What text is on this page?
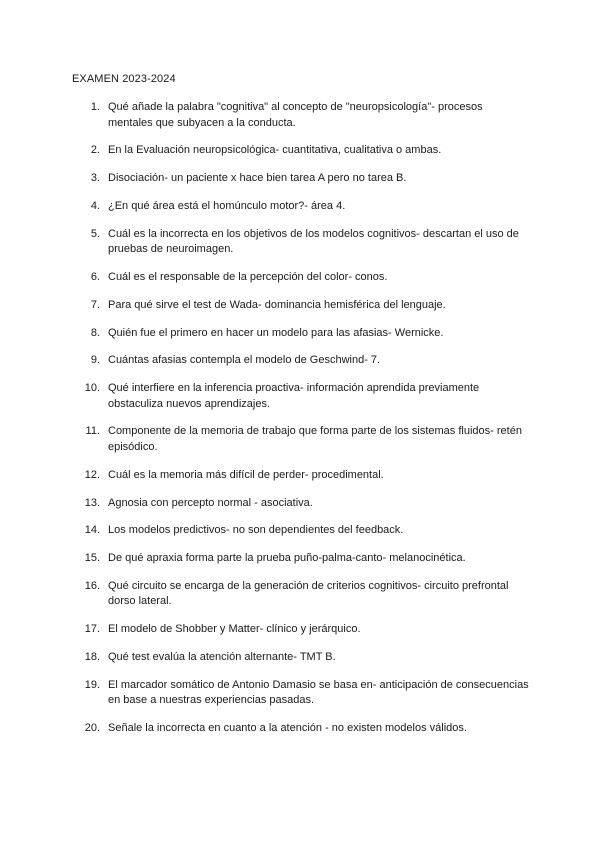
EXAMEN 2023-2024
1. Qué añade la palabra "cognitiva" al concepto de "neuropsicología"- procesos mentales que subyacen a la conducta.
2. En la Evaluación neuropsicológica- cuantitativa, cualitativa o ambas.
3. Disociación- un paciente x hace bien tarea A pero no tarea B.
4. ¿En qué área está el homúnculo motor?- área 4.
5. Cuál es la incorrecta en los objetivos de los modelos cognitivos- descartan el uso de pruebas de neuroimagen.
6. Cuál es el responsable de la percepción del color- conos.
7. Para qué sirve el test de Wada- dominancia hemisférica del lenguaje.
8. Quién fue el primero en hacer un modelo para las afasias- Wernicke.
9. Cuántas afasias contempla el modelo de Geschwind- 7.
10. Qué interfiere en la inferencia proactiva- información aprendida previamente obstaculiza nuevos aprendizajes.
11. Componente de la memoria de trabajo que forma parte de los sistemas fluidos- retén episódico.
12. Cuál es la memoria más difícil de perder- procedimental.
13. Agnosia con percepto normal - asociativa.
14. Los modelos predictivos- no son dependientes del feedback.
15. De qué apraxia forma parte la prueba puño-palma-canto- melanocinética.
16. Qué circuito se encarga de la generación de criterios cognitivos- circuito prefrontal dorso lateral.
17. El modelo de Shobber y Matter- clínico y jerárquico.
18. Qué test evalúa la atención alternante- TMT B.
19. El marcador somático de Antonio Damasio se basa en- anticipación de consecuencias en base a nuestras experiencias pasadas.
20. Señale la incorrecta en cuanto a la atención - no existen modelos válidos.
